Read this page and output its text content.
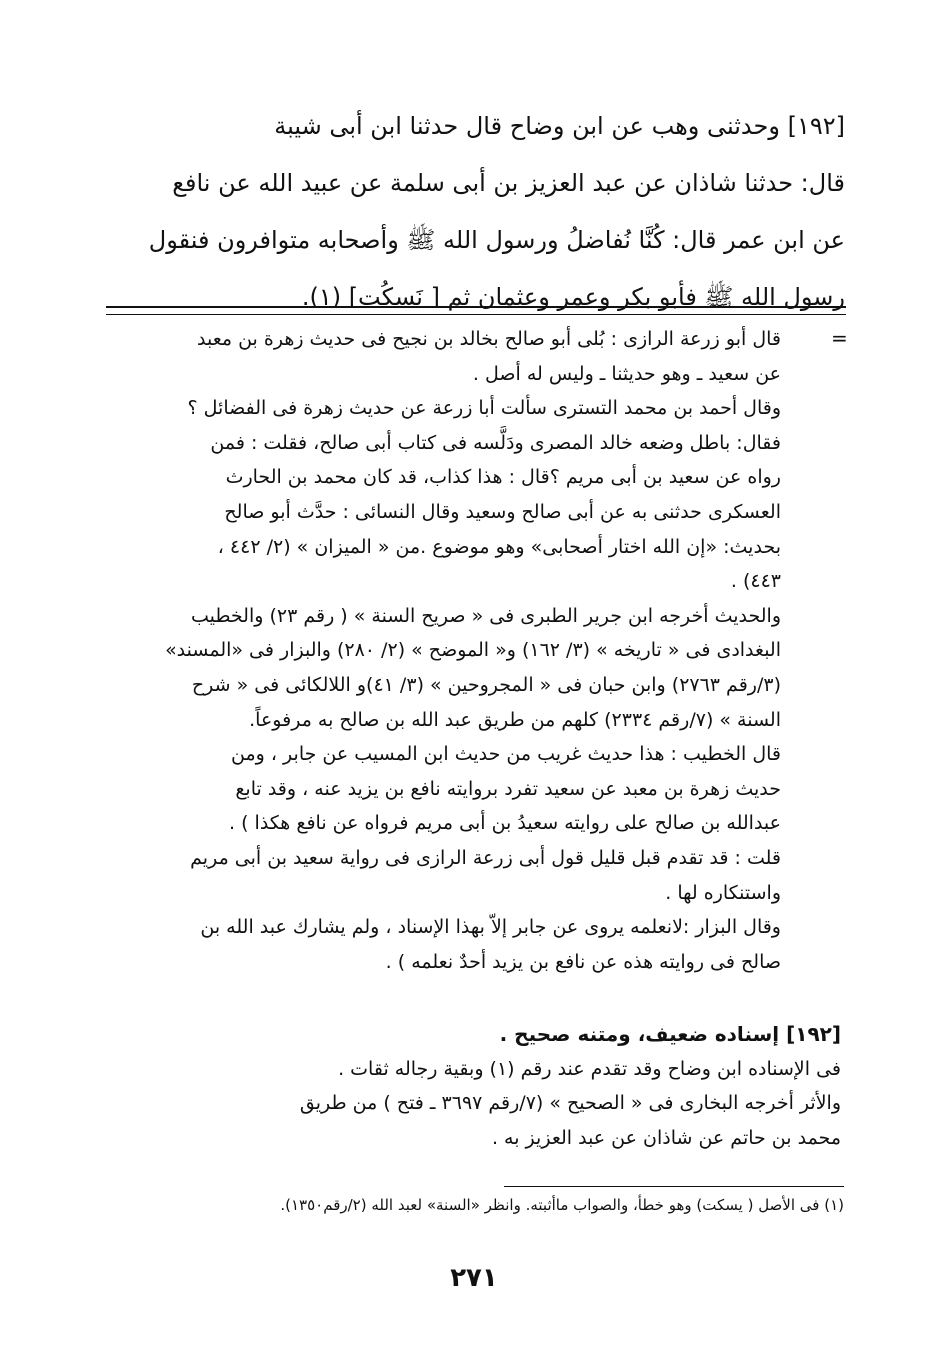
[١٩٢] وحدثنى وهب عن ابن وضاح قال حدثنا ابن أبى شيبة
قال: حدثنا شاذان عن عبد العزيز بن أبى سلمة عن عبيد الله عن نافع
عن ابن عمر قال: كُنَّا نُفاضلُ ورسول الله ﷺ وأصحابه متوافرون فنقول
رسول الله ﷺ فأبو بكر وعمر وعثمان ثم [ نَسكُت] (١).
=
قال أبو زرعة الرازى : بُلى أبو صالح بخالد بن نجيح فى حديث زهرة بن معبد
عن سعيد ـ وهو حديثنا ـ وليس له أصل .
وقال أحمد بن محمد التسترى سألت أبا زرعة عن حديث زهرة فى الفضائل ؟
فقال: باطل وضعه خالد المصرى ودَلَّسه فى كتاب أبى صالح، فقلت : فمن
رواه عن سعيد بن أبى مريم ؟قال : هذا كذاب، قد كان محمد بن الحارث
العسكرى حدثنى به عن أبى صالح وسعيد وقال النسائى : حدَّث أبو صالح
بحديث: «إن الله اختار أصحابى» وهو موضوع .من « الميزان » (٢/ ٤٤٢ ،
٤٤٣) .
والحديث أخرجه ابن جرير الطبرى فى « صريح السنة » ( رقم ٢٣) والخطيب
البغدادى فى « تاريخه » (٣/ ١٦٢) و« الموضح » (٢/ ٢٨٠) والبزار فى «المسند»
(٣/رقم ٢٧٦٣) وابن حبان فى « المجروحين » (٣/ ٤١)و اللالكائى فى « شرح
السنة » (٧/رقم ٢٣٣٤) كلهم من طريق عبد الله بن صالح به مرفوعاً.
قال الخطيب : هذا حديث غريب من حديث ابن المسيب عن جابر ، ومن
حديث زهرة بن معبد عن سعيد تفرد بروايته نافع بن يزيد عنه ، وقد تابع
عبدالله بن صالح على روايته سعيدُ بن أبى مريم فرواه عن نافع هكذا ) .
قلت : قد تقدم قبل قليل قول أبى زرعة الرازى فى رواية سعيد بن أبى مريم
واستنكاره لها .
وقال البزار :لانعلمه يروى عن جابر إلاّ بهذا الإسناد ، ولم يشارك عبد الله بن
صالح فى روايته هذه عن نافع بن يزيد أحدٌ نعلمه ) .
[١٩٢] إسناده ضعيف، ومتنه صحيح .
فى الإسناده ابن وضاح وقد تقدم عند رقم (١) وبقية رجاله ثقات .
والأثر أخرجه البخارى فى « الصحيح » (٧/رقم ٣٦٩٧ ـ فتح ) من طريق
محمد بن حاتم عن شاذان عن عبد العزيز به .
(١) فى الأصل ( يسكت) وهو خطأ، والصواب ماأثبته. وانظر «السنة» لعبد الله (٢/رقم١٣٥٠).
٢٧١
